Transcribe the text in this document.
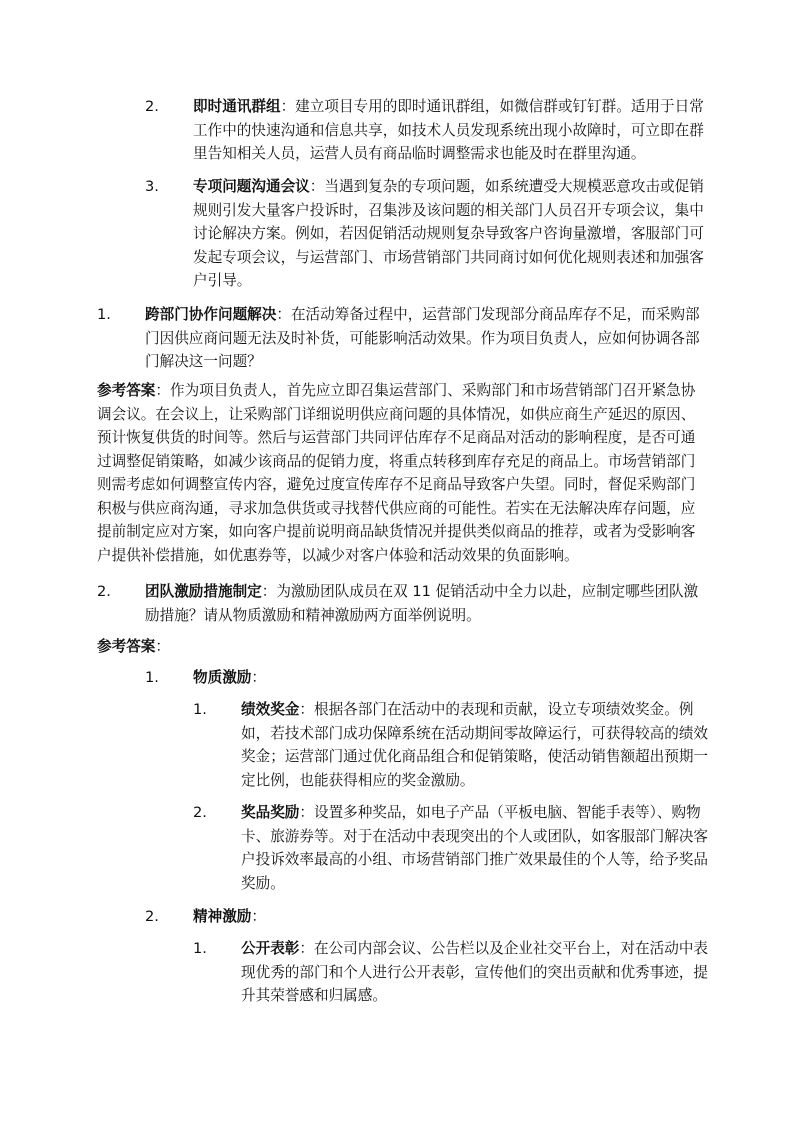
2. 即时通讯群组：建立项目专用的即时通讯群组，如微信群或钉钉群。适用于日常工作中的快速沟通和信息共享，如技术人员发现系统出现小故障时，可立即在群里告知相关人员，运营人员有商品临时调整需求也能及时在群里沟通。
3. 专项问题沟通会议：当遇到复杂的专项问题，如系统遭受大规模恶意攻击或促销规则引发大量客户投诉时，召集涉及该问题的相关部门人员召开专项会议，集中讨论解决方案。例如，若因促销活动规则复杂导致客户咨询量激增，客服部门可发起专项会议，与运营部门、市场营销部门共同商讨如何优化规则表述和加强客户引导。
1. 跨部门协作问题解决：在活动筹备过程中，运营部门发现部分商品库存不足，而采购部门因供应商问题无法及时补货，可能影响活动效果。作为项目负责人，应如何协调各部门解决这一问题？
参考答案：作为项目负责人，首先应立即召集运营部门、采购部门和市场营销部门召开紧急协调会议。在会议上，让采购部门详细说明供应商问题的具体情况，如供应商生产延迟的原因、预计恢复供货的时间等。然后与运营部门共同评估库存不足商品对活动的影响程度，是否可通过调整促销策略，如减少该商品的促销力度，将重点转移到库存充足的商品上。市场营销部门则需考虑如何调整宣传内容，避免过度宣传库存不足商品导致客户失望。同时，督促采购部门积极与供应商沟通，寻求加急供货或寻找替代供应商的可能性。若实在无法解决库存问题，应提前制定应对方案，如向客户提前说明商品缺货情况并提供类似商品的推荐，或者为受影响客户提供补偿措施，如优惠券等，以减少对客户体验和活动效果的负面影响。
2. 团队激励措施制定：为激励团队成员在双 11 促销活动中全力以赴，应制定哪些团队激励措施？请从物质激励和精神激励两方面举例说明。
参考答案：
1. 物质激励：
1. 绩效奖金：根据各部门在活动中的表现和贡献，设立专项绩效奖金。例如，若技术部门成功保障系统在活动期间零故障运行，可获得较高的绩效奖金；运营部门通过优化商品组合和促销策略，使活动销售额超出预期一定比例，也能获得相应的奖金激励。
2. 奖品奖励：设置多种奖品，如电子产品（平板电脑、智能手表等）、购物卡、旅游券等。对于在活动中表现突出的个人或团队，如客服部门解决客户投诉效率最高的小组、市场营销部门推广效果最佳的个人等，给予奖品奖励。
2. 精神激励：
1. 公开表彰：在公司内部会议、公告栏以及企业社交平台上，对在活动中表现优秀的部门和个人进行公开表彰，宣传他们的突出贡献和优秀事迹，提升其荣誉感和归属感。
